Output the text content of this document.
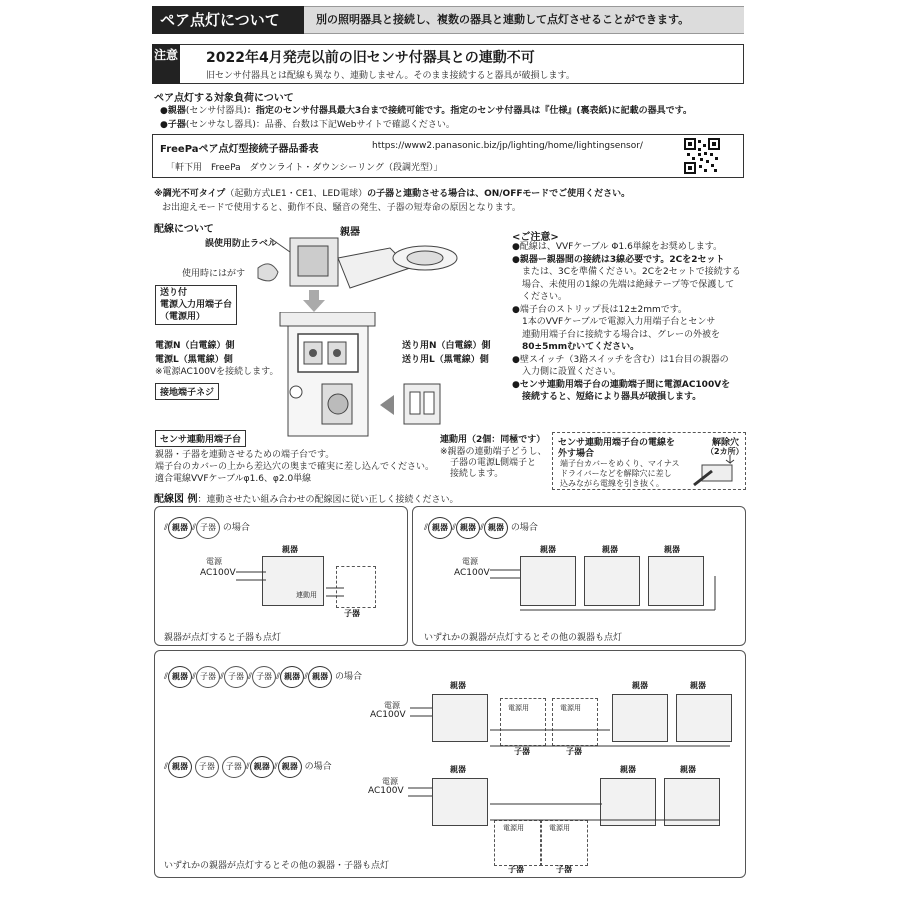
ペア点灯について	別の照明器具と接続し、複数の器具と連動して点灯させることができます。
注意 2022年4月発売以前の旧センサ付器具との連動不可
旧センサ付器具とは配線も異なり、連動しません。そのまま接続すると器具が破損します。
ペア点灯する対象負荷について
●親器(センサ付器具)：指定のセンサ付器具最大3台まで接続可能です。指定のセンサ付器具は『仕様』(裏表紙)に記載の器具です。
●子器(センサなし器具)：品番、台数は下記Webサイトで確認ください。
FreePaペア点灯型接続子器品番表	https://www2.panasonic.biz/jp/lighting/home/lightingsensor/
「軒下用　FreePa　ダウンライト・ダウンシーリング（段調光型）」
※調光不可タイプ（起動方式LE1・CE1、LED電球）の子器と連動させる場合は、ON/OFFモードでご使用ください。
お出迎えモードで使用すると、動作不良、騒音の発生、子器の短寿命の原因となります。
配線について	親器
誤使用防止ラベル
使用時にはがす
送り付
電源入力用端子台
（電源用）
電源N（白電線）側
電源L（黒電線）側
※電源AC100Vを接続します。
送り用N（白電線）側
送り用L（黒電線）側
接地端子ネジ
センサ連動用端子台
親器・子器を連動させるための端子台です。
端子台のカバーの上から差込穴の奥まで確実に差し込んでください。
適合電線VVFケーブルφ1.6、φ2.0単線
連動用（2個：同極です）
※親器の連動端子どうし、
子器の電源L側端子と
接続します。
<ご注意>
●配線は、VVFケーブル Φ1.6単線をお奨めします。
●親器ー親器間の接続は3線必要です。2Cを2セット
または、3Cを準備ください。2Cを2セットで接続する
場合、未使用の1線の先端は絶縁テープ等で保護して
ください。
●端子台のストリップ長は12±2mmです。
1本のVVFケーブルで電源入力用端子台とセンサ
連動用端子台に接続する場合は、グレーの外被を
80±5mmむいてください。
●壁スイッチ（3路スイッチを含む）は1台目の親器の
入力側に設置ください。
●センサ連動用端子台の連動端子間に電源AC100Vを
接続すると、短絡により器具が破損します。
センサ連動用端子台の電線を
外す場合
端子台カバーをめくり、マイナス
ドライバーなどを解除穴に差し
込みながら電線を引き抜く。
解除穴
（2カ所）
配線図 例：連動させたい組み合わせの配線図に従い正しく接続ください。
⫽ 親器 ⫽ 子器 の場合
電源
AC100V
親器
連動用
子器
親器が点灯すると子器も点灯
⫽ 親器 ⫽ 親器 ⫽ 親器 の場合
電源
AC100V
親器	親器	親器
いずれかの親器が点灯するとその他の親器も点灯
⫽ 親器 ⫽ 子器 ⫽ 子器 ⫽ 子器 ⫽ 親器 ⫽ 親器 の場合
⫽ 親器 子器 子器 ⫽ 親器 ⫽ 親器 の場合
電源
AC100V
親器	親器	親器
電源用	電源用
子器	子器
電源
AC100V
親器	親器	親器
電源用	電源用
子器	子器
いずれかの親器が点灯するとその他の親器・子器も点灯
